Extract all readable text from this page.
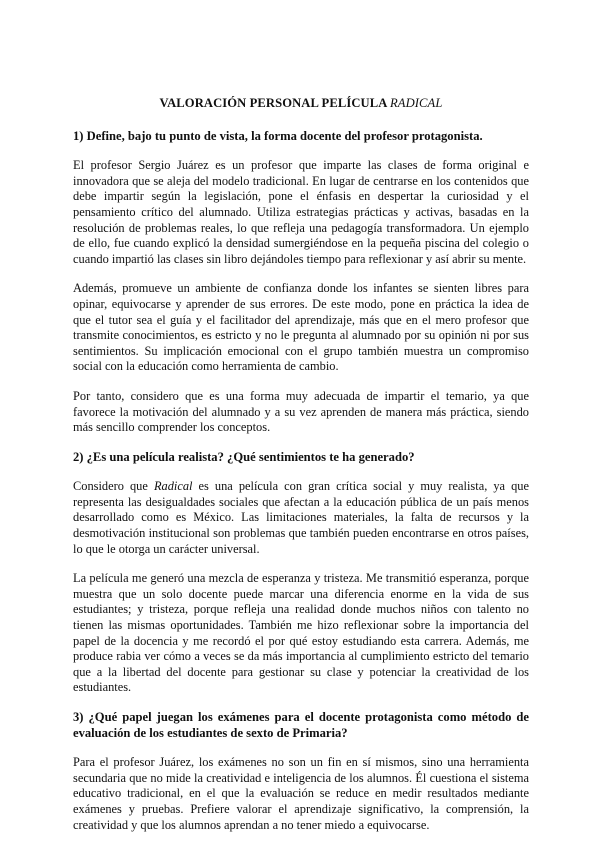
VALORACIÓN PERSONAL PELÍCULA RADICAL
1) Define, bajo tu punto de vista, la forma docente del profesor protagonista.

El profesor Sergio Juárez es un profesor que imparte las clases de forma original e innovadora que se aleja del modelo tradicional. En lugar de centrarse en los contenidos que debe impartir según la legislación, pone el énfasis en despertar la curiosidad y el pensamiento crítico del alumnado. Utiliza estrategias prácticas y activas, basadas en la resolución de problemas reales, lo que refleja una pedagogía transformadora. Un ejemplo de ello, fue cuando explicó la densidad sumergiéndose en la pequeña piscina del colegio o cuando impartió las clases sin libro dejándoles tiempo para reflexionar y así abrir su mente.

Además, promueve un ambiente de confianza donde los infantes se sienten libres para opinar, equivocarse y aprender de sus errores. De este modo, pone en práctica la idea de que el tutor sea el guía y el facilitador del aprendizaje, más que en el mero profesor que transmite conocimientos, es estricto y no le pregunta al alumnado por su opinión ni por sus sentimientos. Su implicación emocional con el grupo también muestra un compromiso social con la educación como herramienta de cambio.

Por tanto, considero que es una forma muy adecuada de impartir el temario, ya que favorece la motivación del alumnado y a su vez aprenden de manera más práctica, siendo más sencillo comprender los conceptos.

2) ¿Es una película realista? ¿Qué sentimientos te ha generado?

Considero que Radical es una película con gran crítica social y muy realista, ya que representa las desigualdades sociales que afectan a la educación pública de un país menos desarrollado como es México. Las limitaciones materiales, la falta de recursos y la desmotivación institucional son problemas que también pueden encontrarse en otros países, lo que le otorga un carácter universal.

La película me generó una mezcla de esperanza y tristeza. Me transmitió esperanza, porque muestra que un solo docente puede marcar una diferencia enorme en la vida de sus estudiantes; y tristeza, porque refleja una realidad donde muchos niños con talento no tienen las mismas oportunidades. También me hizo reflexionar sobre la importancia del papel de la docencia y me recordó el por qué estoy estudiando esta carrera. Además, me produce rabia ver cómo a veces se da más importancia al cumplimiento estricto del temario que a la libertad del docente para gestionar su clase y potenciar la creatividad de los estudiantes.

3) ¿Qué papel juegan los exámenes para el docente protagonista como método de evaluación de los estudiantes de sexto de Primaria?

Para el profesor Juárez, los exámenes no son un fin en sí mismos, sino una herramienta secundaria que no mide la creatividad e inteligencia de los alumnos. Él cuestiona el sistema educativo tradicional, en el que la evaluación se reduce en medir resultados mediante exámenes y pruebas. Prefiere valorar el aprendizaje significativo, la comprensión, la creatividad y que los alumnos aprendan a no tener miedo a equivocarse.
